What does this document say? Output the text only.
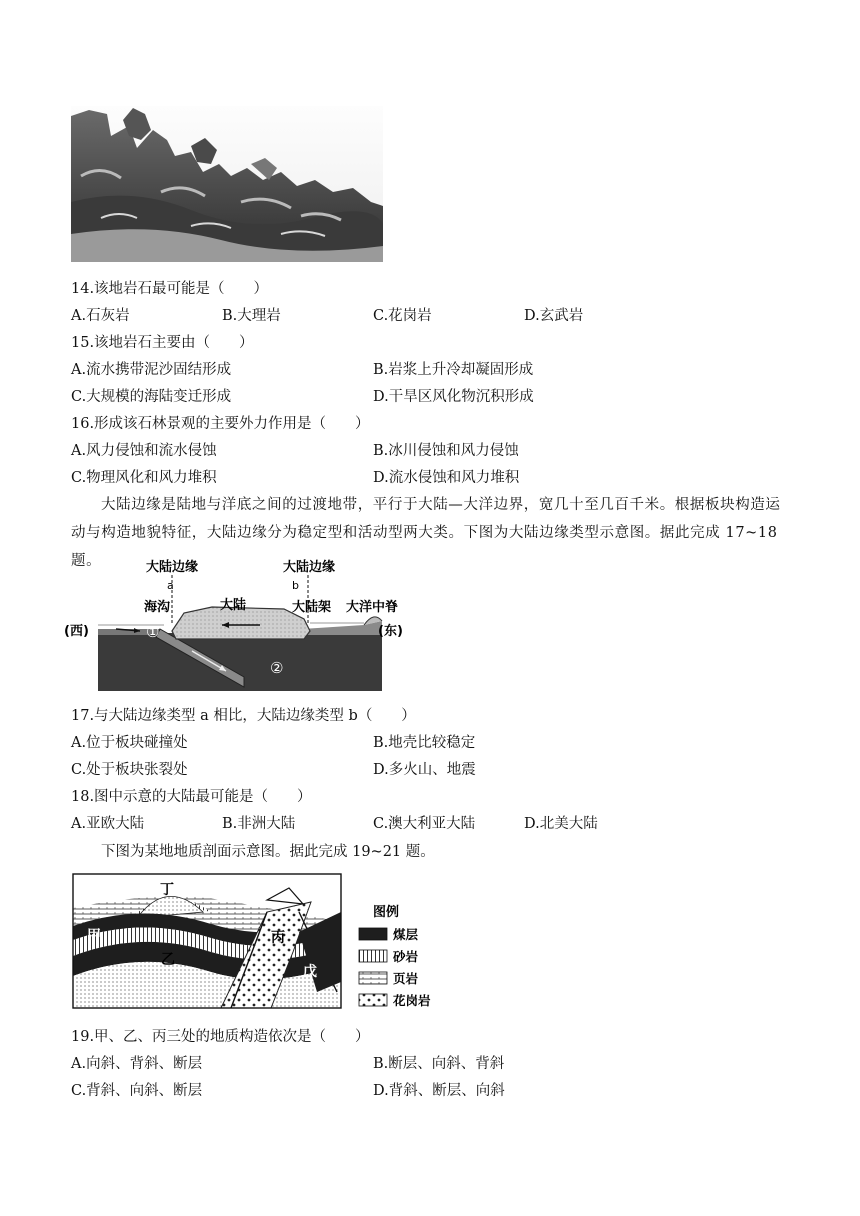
14.该地岩石最可能是（　　）
A.石灰岩	B.大理岩	C.花岗岩	D.玄武岩
15.该地岩石主要由（　　）
A.流水携带泥沙固结形成	B.岩浆上升冷却凝固形成
C.大规模的海陆变迁形成	D.干旱区风化物沉积形成
16.形成该石林景观的主要外力作用是（　　）
A.风力侵蚀和流水侵蚀	B.冰川侵蚀和风力侵蚀
C.物理风化和风力堆积	D.流水侵蚀和风力堆积
大陆边缘是陆地与洋底之间的过渡地带，平行于大陆—大洋边界，宽几十至几百千米。根据板块构造运动与构造地貌特征，大陆边缘分为稳定型和活动型两大类。下图为大陆边缘类型示意图。据此完成 17~18 题。	大陆边缘
a
海沟	大陆
大陆边缘
b
大陆架 大洋中脊
(西)	(东)
①
②
17.与大陆边缘类型 a 相比，大陆边缘类型 b（　　）
A.位于板块碰撞处	B.地壳比较稳定
C.处于板块张裂处	D.多火山、地震
18.图中示意的大陆最可能是（　　）
A.亚欧大陆	B.非洲大陆	C.澳大利亚大陆	D.北美大陆
下图为某地地质剖面示意图。据此完成 19~21 题。
丁
甲
乙
丙
戊
图例
煤层
砂岩
页岩
花岗岩
19.甲、乙、丙三处的地质构造依次是（　　）
A.向斜、背斜、断层	B.断层、向斜、背斜
C.背斜、向斜、断层	D.背斜、断层、向斜
